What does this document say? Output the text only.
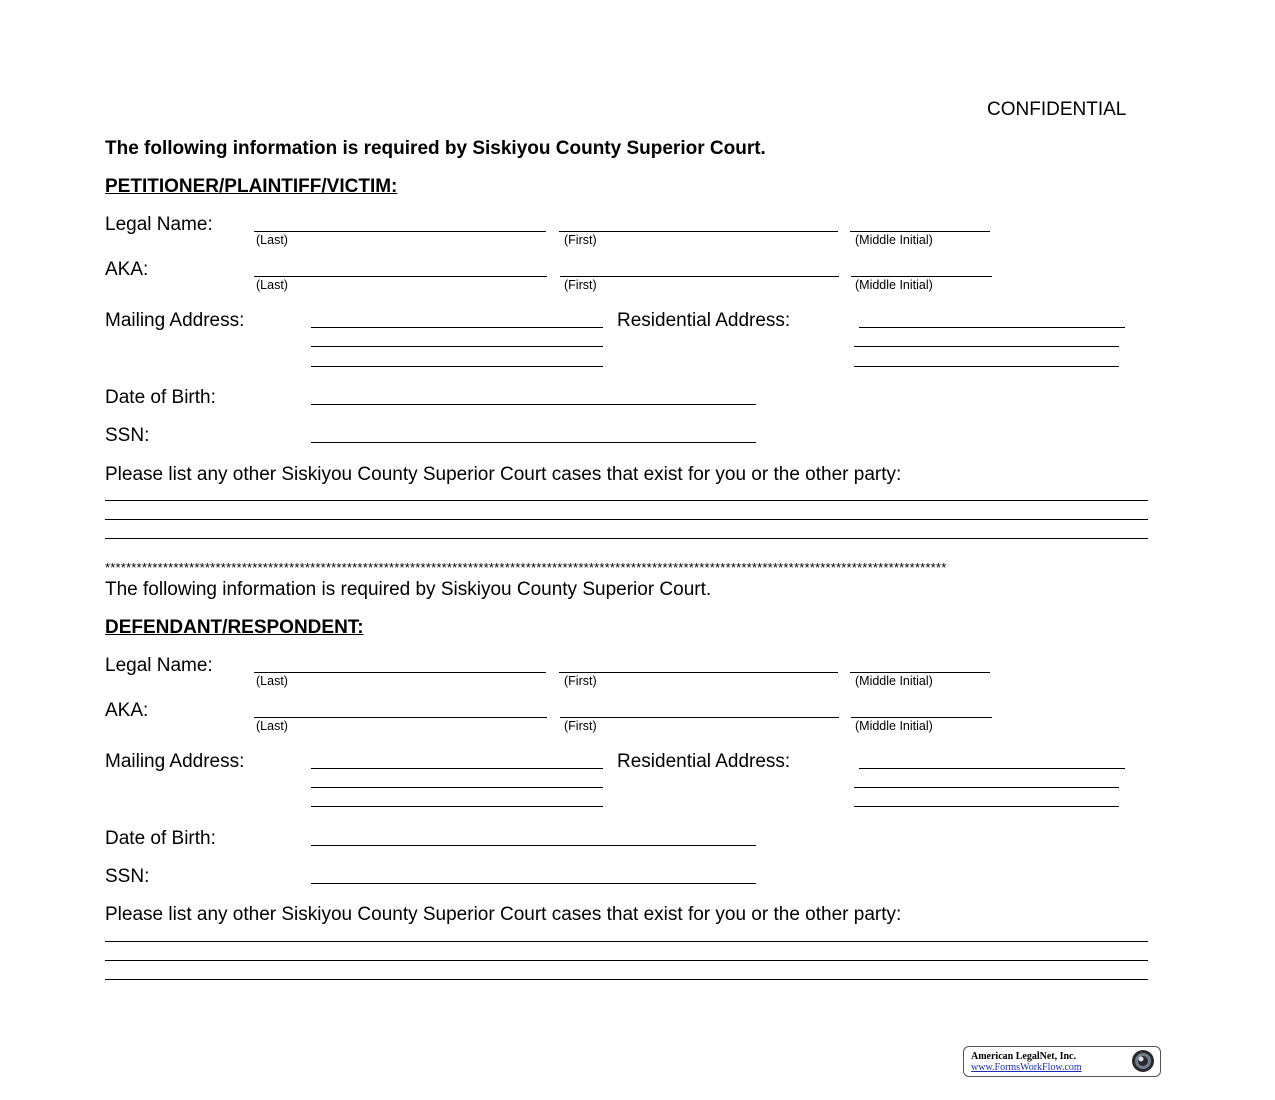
CONFIDENTIAL
The following information is required by Siskiyou County Superior Court.
PETITIONER/PLAINTIFF/VICTIM:
Legal Name:
(Last)	(First)	(Middle Initial)
AKA:
(Last)	(First)	(Middle Initial)
Mailing Address:	Residential Address:
Date of Birth:
SSN:
Please list any other Siskiyou County Superior Court cases that exist for you or the other party:
****************************************************************************************************************************************************************
The following information is required by Siskiyou County Superior Court.
DEFENDANT/RESPONDENT:
Legal Name:
(Last)	(First)	(Middle Initial)
AKA:
(Last)	(First)	(Middle Initial)
Mailing Address:	Residential Address:
Date of Birth:
SSN:
Please list any other Siskiyou County Superior Court cases that exist for you or the other party:
American LegalNet, Inc.
www.FormsWorkFlow.com
